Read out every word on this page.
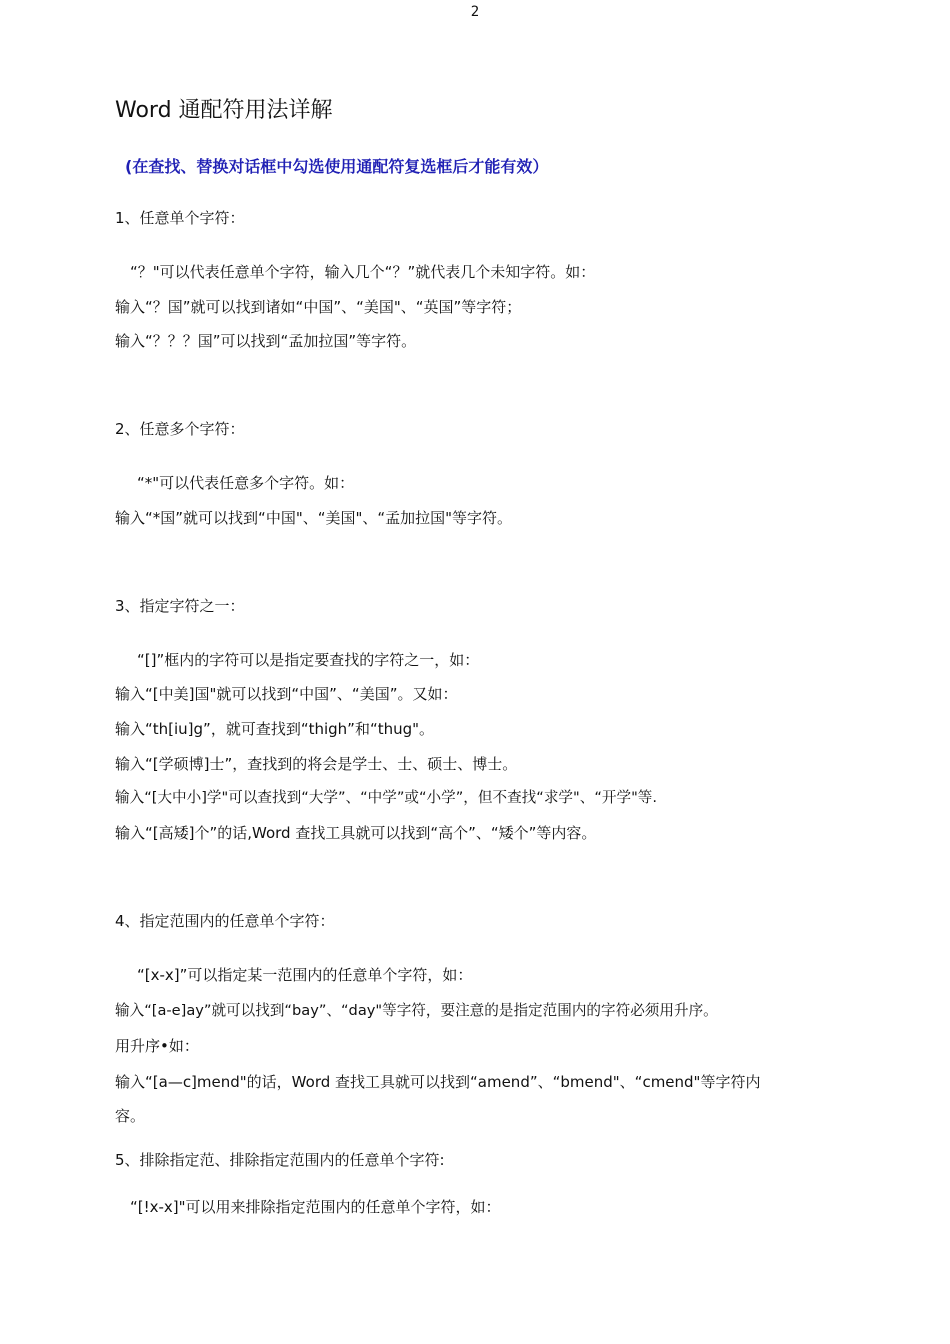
2
Word 通配符用法详解
(在查找、替换对话框中勾选使用通配符复选框后才能有效）
1、任意单个字符：
“？"可以代表任意单个字符，输入几个“？”就代表几个未知字符。如：
输入“？国”就可以找到诸如“中国”、“美国"、“英国”等字符；
输入“？？？国”可以找到“孟加拉国”等字符。
2、任意多个字符：
“*"可以代表任意多个字符。如：
输入“*国”就可以找到“中国"、“美国"、“孟加拉国"等字符。
3、指定字符之一：
“[]”框内的字符可以是指定要查找的字符之一，如：
输入“[中美]国"就可以找到“中国”、“美国”。又如：
输入“th[iu]g”，就可查找到“thigh”和“thug"。
输入“[学硕博]士”，查找到的将会是学士、士、硕士、博士。
输入“[大中小]学"可以查找到“大学”、“中学”或“小学”，但不查找“求学"、“开学"等.
输入“[高矮]个”的话,Word 查找工具就可以找到“高个”、“矮个”等内容。
4、指定范围内的任意单个字符：
“[x-x]”可以指定某一范围内的任意单个字符，如：
输入“[a-e]ay”就可以找到“bay”、“day"等字符，要注意的是指定范围内的字符必须用升序。
用升序•如：
输入“[a—c]mend"的话，Word 查找工具就可以找到“amend”、“bmend"、“cmend"等字符内
容。
5、排除指定范、排除指定范围内的任意单个字符:
“[!x-x]"可以用来排除指定范围内的任意单个字符，如：
